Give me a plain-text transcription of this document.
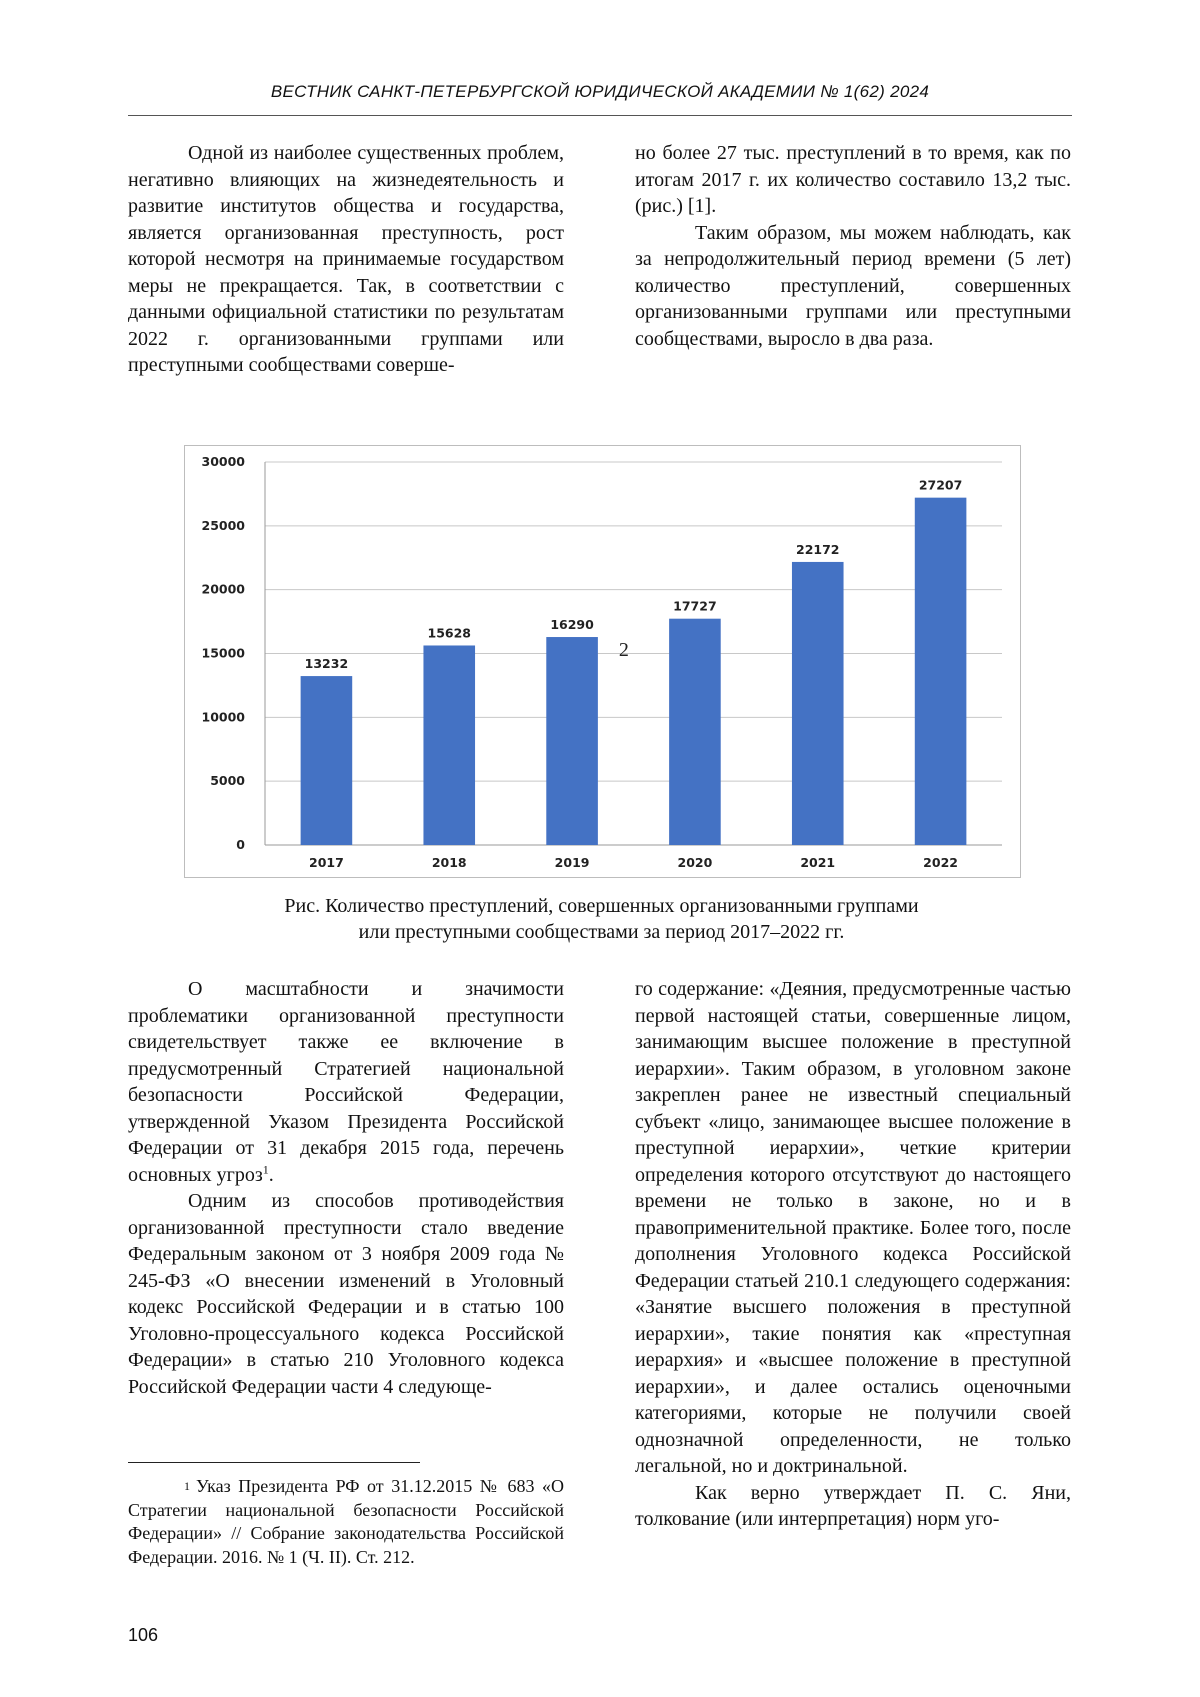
ВЕСТНИК САНКТ-ПЕТЕРБУРГСКОЙ ЮРИДИЧЕСКОЙ АКАДЕМИИ № 1(62) 2024

Одной из наиболее существенных проблем, негативно влияющих на жизнедеятельность и развитие институтов общества и государства, является организованная преступность, рост которой несмотря на принимаемые государством меры не прекращается. Так, в соответствии с данными официальной статистики по результатам 2022 г. организованными группами или преступными сообществами соверше-

но более 27 тыс. преступлений в то время, как по итогам 2017 г. их количество составило 13,2 тыс. (рис.) [1].

Таким образом, мы можем наблюдать, как за непродолжительный период времени (5 лет) количество преступлений, совершенных организованными группами или преступными сообществами, выросло в два раза.

0
5000
10000
15000
20000
25000
30000
13232
2017
15628
2018
16290
2019
17727
2020
22172
2021
27207
2022
2
Рис. Количество преступлений, совершенных организованными группами
или преступными сообществами за период 2017–2022 гг.

О масштабности и значимости проблематики организованной преступности свидетельствует также ее включение в предусмотренный Стратегией национальной безопасности Российской Федерации, утвержденной Указом Президента Российской Федерации от 31 декабря 2015 года, перечень основных угроз$^1$.

Одним из способов противодействия организованной преступности стало введение Федеральным законом от 3 ноября 2009 года № 245-ФЗ «О внесении изменений в Уголовный кодекс Российской Федерации и в статью 100 Уголовно-процессуального кодекса Российской Федерации» в статью 210 Уголовного кодекса Российской Федерации части 4 следующе-

го содержание: «Деяния, предусмотренные частью первой настоящей статьи, совершенные лицом, занимающим высшее положение в преступной иерархии». Таким образом, в уголовном законе закреплен ранее не известный специальный субъект «лицо, занимающее высшее положение в преступной иерархии», четкие критерии определения которого отсутствуют до настоящего времени не только в законе, но и в правоприменительной практике. Более того, после дополнения Уголовного кодекса Российской Федерации статьей 210.1 следующего содержания: «Занятие высшего положения в преступной иерархии», такие понятия как «преступная иерархия» и «высшее положение в преступной иерархии», и далее остались оценочными категориями, которые не получили своей однозначной определенности, не только легальной, но и доктринальной.

Как верно утверждает П. С. Яни, толкование (или интерпретация) норм уго-

$^1$ Указ Президента РФ от 31.12.2015 № 683 «О Стратегии национальной безопасности Российской Федерации» // Собрание законодательства Российской Федерации. 2016. № 1 (Ч. II). Ст. 212.
106
